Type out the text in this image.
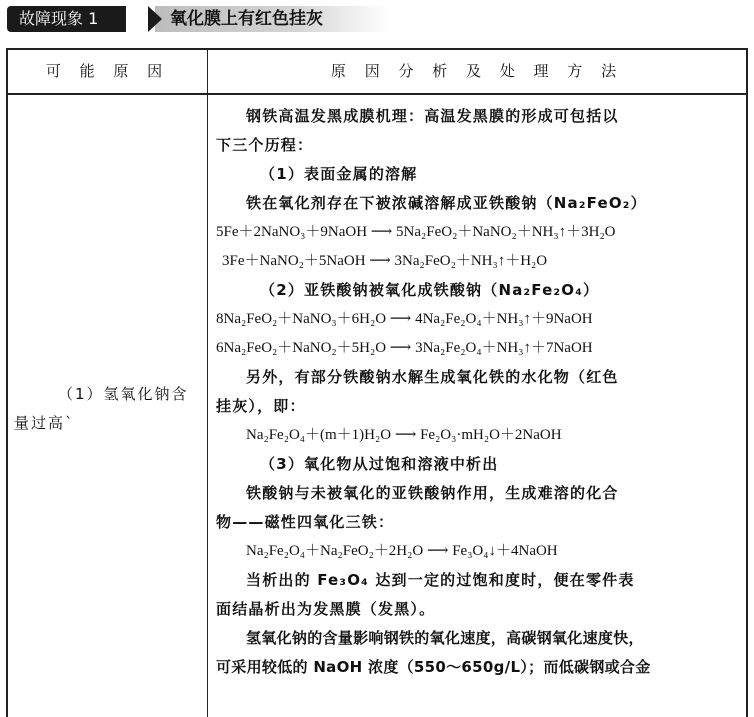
故障现象 1	氧化膜上有红色挂灰
可 能 原 因	原 因 分 析 及 处 理 方 法
（1）氢氧化钠含量过高`
钢铁高温发黑成膜机理：高温发黑膜的形成可包括以
下三个历程：
（1）表面金属的溶解
铁在氧化剂存在下被浓碱溶解成亚铁酸钠（Na₂FeO₂）
5Fe＋2NaNO₃＋9NaOH ⟶ 5Na₂FeO₂＋NaNO₂＋NH₃↑＋3H₂O
3Fe＋NaNO₂＋5NaOH ⟶ 3Na₂FeO₂＋NH₃↑＋H₂O
（2）亚铁酸钠被氧化成铁酸钠（Na₂Fe₂O₄）
8Na₂FeO₂＋NaNO₃＋6H₂O ⟶ 4Na₂Fe₂O₄＋NH₃↑＋9NaOH
6Na₂FeO₂＋NaNO₂＋5H₂O ⟶ 3Na₂Fe₂O₄＋NH₃↑＋7NaOH
另外，有部分铁酸钠水解生成氧化铁的水化物（红色
挂灰），即：
Na₂Fe₂O₄＋(m＋1)H₂O ⟶ Fe₂O₃·mH₂O＋2NaOH
（3）氧化物从过饱和溶液中析出
铁酸钠与未被氧化的亚铁酸钠作用，生成难溶的化合
物——磁性四氧化三铁：
Na₂Fe₂O₄＋Na₂FeO₂＋2H₂O ⟶ Fe₃O₄↓＋4NaOH
当析出的 Fe₃O₄ 达到一定的过饱和度时，便在零件表
面结晶析出为发黑膜（发黑）。
氢氧化钠的含量影响钢铁的氧化速度，高碳钢氧化速度快，
可采用较低的 NaOH 浓度（550～650g/L）；而低碳钢或合金
